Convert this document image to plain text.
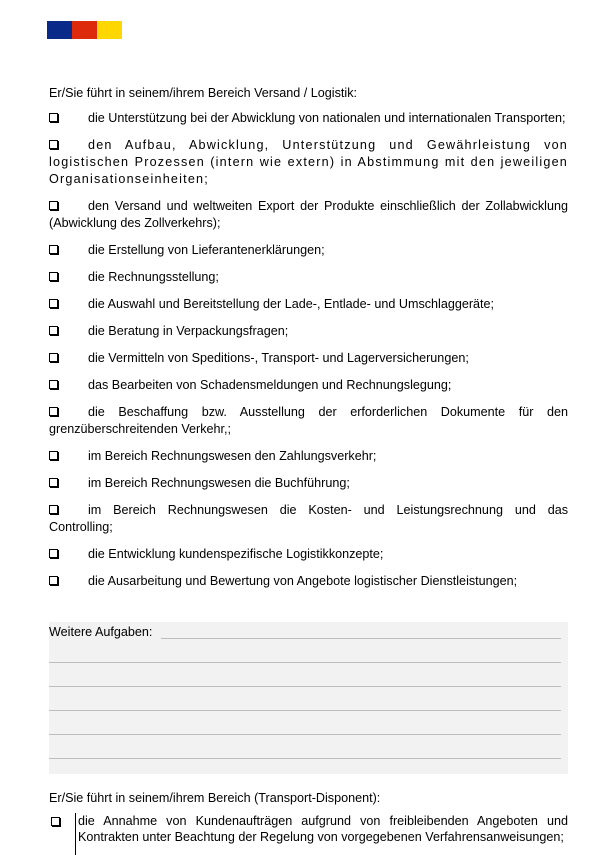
Er/Sie führt in seinem/ihrem Bereich Versand / Logistik:

die Unterstützung bei der Abwicklung von nationalen und internationalen Transporten;
den Aufbau, Abwicklung, Unterstützung und Gewährleistung von logistischen Prozessen (intern wie extern) in Abstimmung mit den jeweiligen Organisationseinheiten;
den Versand und weltweiten Export der Produkte einschließlich der Zollabwicklung (Abwicklung des Zollverkehrs);
die Erstellung von Lieferantenerklärungen;
die Rechnungsstellung;
die Auswahl und Bereitstellung der Lade-, Entlade- und Umschlaggeräte;
die Beratung in Verpackungsfragen;
die Vermitteln von Speditions-, Transport- und Lagerversicherungen;
das Bearbeiten von Schadensmeldungen und Rechnungslegung;
die Beschaffung bzw. Ausstellung der erforderlichen Dokumente für den grenzüberschreitenden Verkehr,;
im Bereich Rechnungswesen den Zahlungsverkehr;
im Bereich Rechnungswesen die Buchführung;
im Bereich Rechnungswesen die Kosten- und Leistungsrechnung und das Controlling;
die Entwicklung kundenspezifische Logistikkonzepte;
die Ausarbeitung und Bewertung von Angebote logistischer Dienstleistungen;
Weitere Aufgaben:

Er/Sie führt in seinem/ihrem Bereich (Transport-Disponent):

die Annahme von Kundenaufträgen aufgrund von freibleibenden Angeboten und Kontrakten unter Beachtung der Regelung von vorgegebenen Verfahrensanweisungen;
